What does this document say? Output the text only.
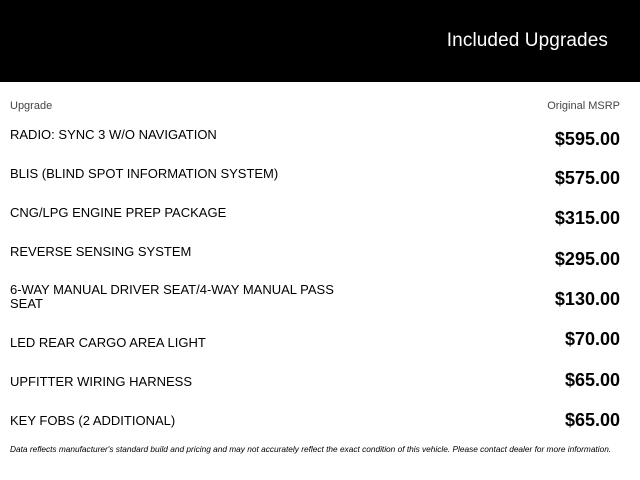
Included Upgrades
Upgrade	Original MSRP
RADIO: SYNC 3 W/O NAVIGATION	$595.00
BLIS (BLIND SPOT INFORMATION SYSTEM)	$575.00
CNG/LPG ENGINE PREP PACKAGE	$315.00
REVERSE SENSING SYSTEM	$295.00
6-WAY MANUAL DRIVER SEAT/4-WAY MANUAL PASS SEAT	$130.00
LED REAR CARGO AREA LIGHT	$70.00
UPFITTER WIRING HARNESS	$65.00
KEY FOBS (2 ADDITIONAL)	$65.00
Data reflects manufacturer's standard build and pricing and may not accurately reflect the exact condition of this vehicle. Please contact dealer for more information.
